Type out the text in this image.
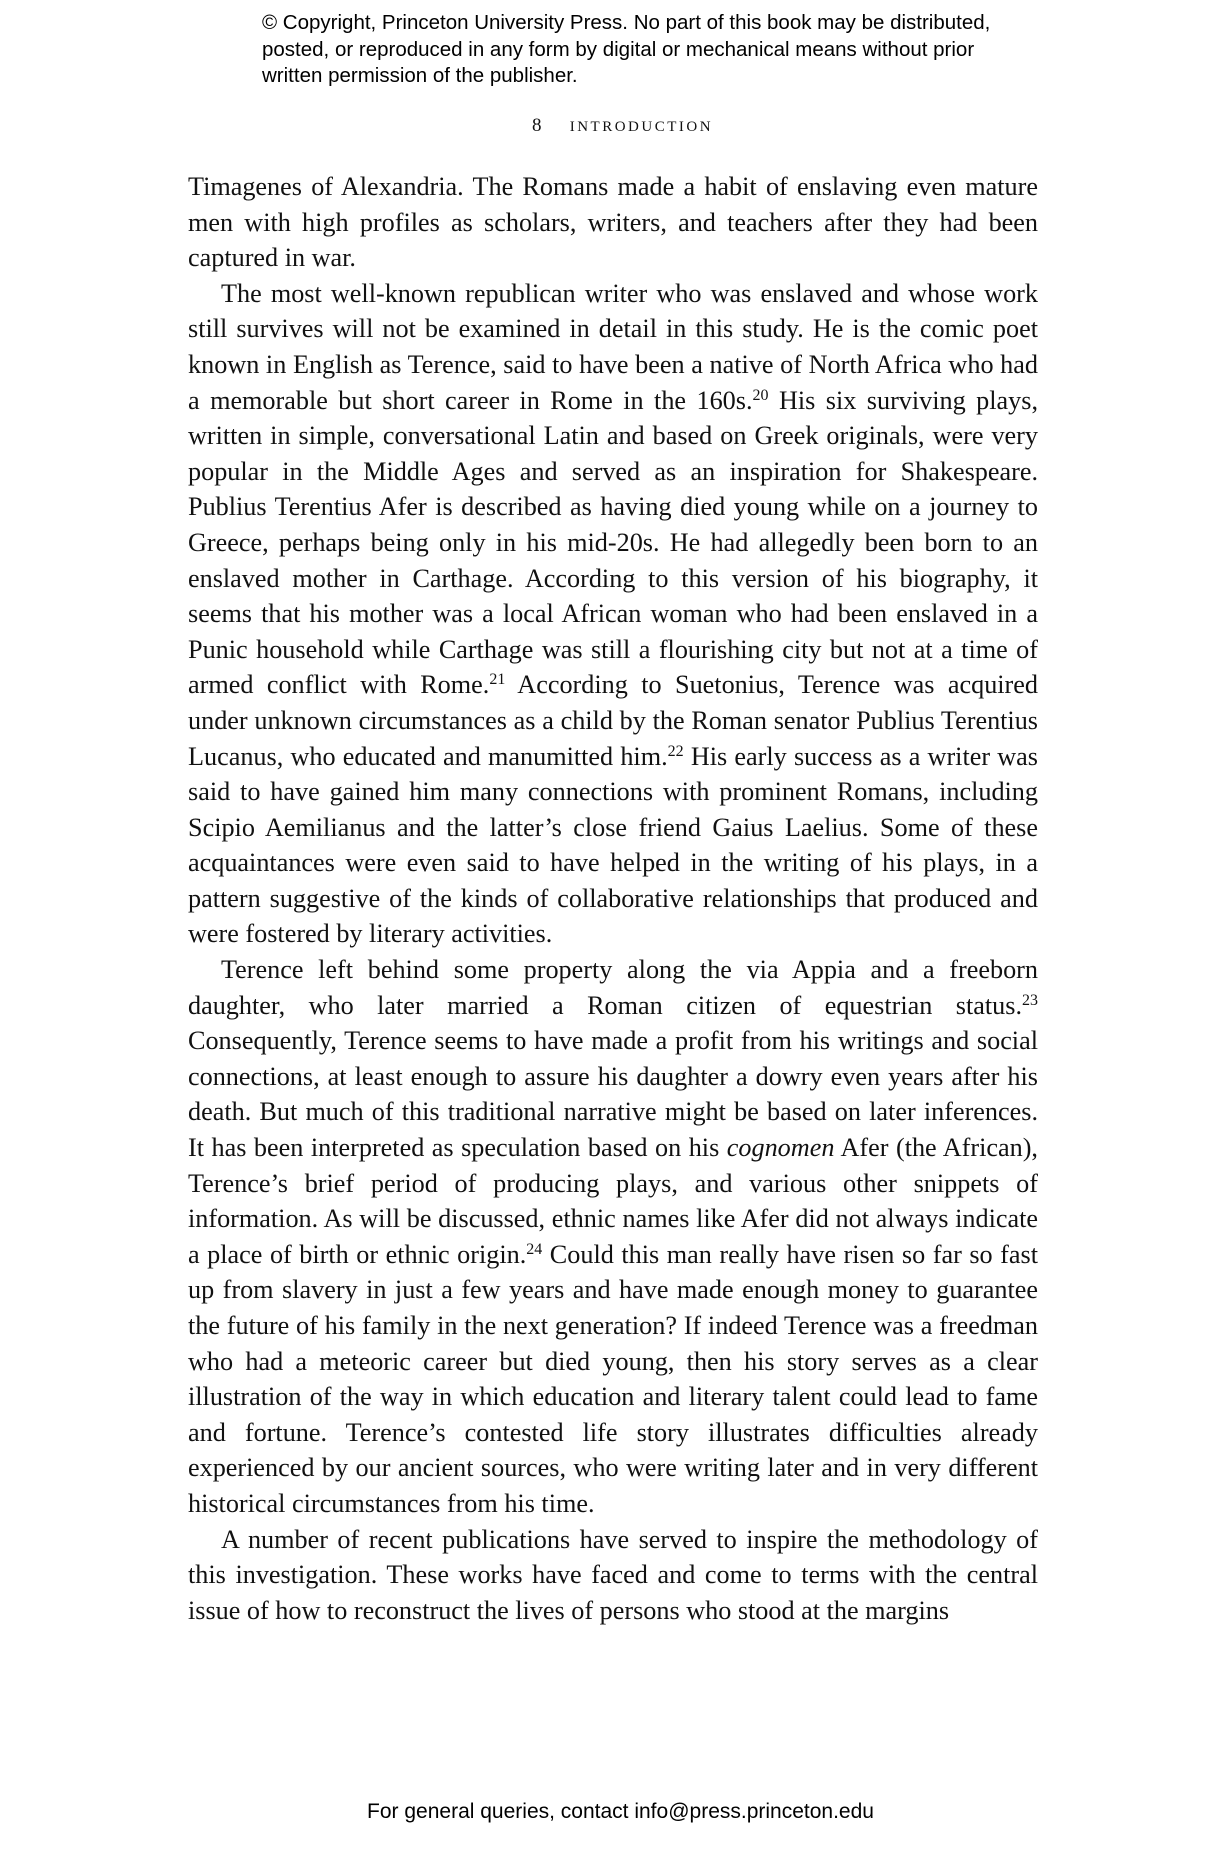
© Copyright, Princeton University Press. No part of this book may be distributed, posted, or reproduced in any form by digital or mechanical means without prior written permission of the publisher.
8 introduction

Timagenes of Alexandria. The Romans made a habit of enslaving even mature men with high profiles as scholars, writers, and teachers after they had been captured in war.

The most well-known republican writer who was enslaved and whose work still survives will not be examined in detail in this study. He is the comic poet known in English as Terence, said to have been a native of North Africa who had a memorable but short career in Rome in the 160s.$^{20}$ His six surviving plays, written in simple, conversational Latin and based on Greek originals, were very popular in the Middle Ages and served as an inspiration for Shakespeare. Publius Terentius Afer is described as having died young while on a journey to Greece, perhaps being only in his mid-20s. He had allegedly been born to an enslaved mother in Carthage. According to this version of his biography, it seems that his mother was a local African woman who had been enslaved in a Punic household while Carthage was still a flourishing city but not at a time of armed conflict with Rome.$^{21}$ According to Suetonius, Terence was acquired under unknown circumstances as a child by the Roman senator Publius Terentius Lucanus, who educated and manumitted him.$^{22}$ His early success as a writer was said to have gained him many connections with prominent Romans, including Scipio Aemilianus and the latter’s close friend Gaius Laelius. Some of these acquaintances were even said to have helped in the writing of his plays, in a pattern suggestive of the kinds of collaborative relationships that produced and were fostered by literary activities.

Terence left behind some property along the via Appia and a freeborn daughter, who later married a Roman citizen of equestrian status.$^{23}$ Consequently, Terence seems to have made a profit from his writings and social connections, at least enough to assure his daughter a dowry even years after his death. But much of this traditional narrative might be based on later inferences. It has been interpreted as speculation based on his cognomen Afer (the African), Terence’s brief period of producing plays, and various other snippets of information. As will be discussed, ethnic names like Afer did not always indicate a place of birth or ethnic origin.$^{24}$ Could this man really have risen so far so fast up from slavery in just a few years and have made enough money to guarantee the future of his family in the next generation? If indeed Terence was a freedman who had a meteoric career but died young, then his story serves as a clear illustration of the way in which education and literary talent could lead to fame and fortune. Terence’s contested life story illustrates difficulties already experienced by our ancient sources, who were writing later and in very different historical circumstances from his time.

A number of recent publications have served to inspire the methodology of this investigation. These works have faced and come to terms with the central issue of how to reconstruct the lives of persons who stood at the margins

For general queries, contact info@press.princeton.edu
